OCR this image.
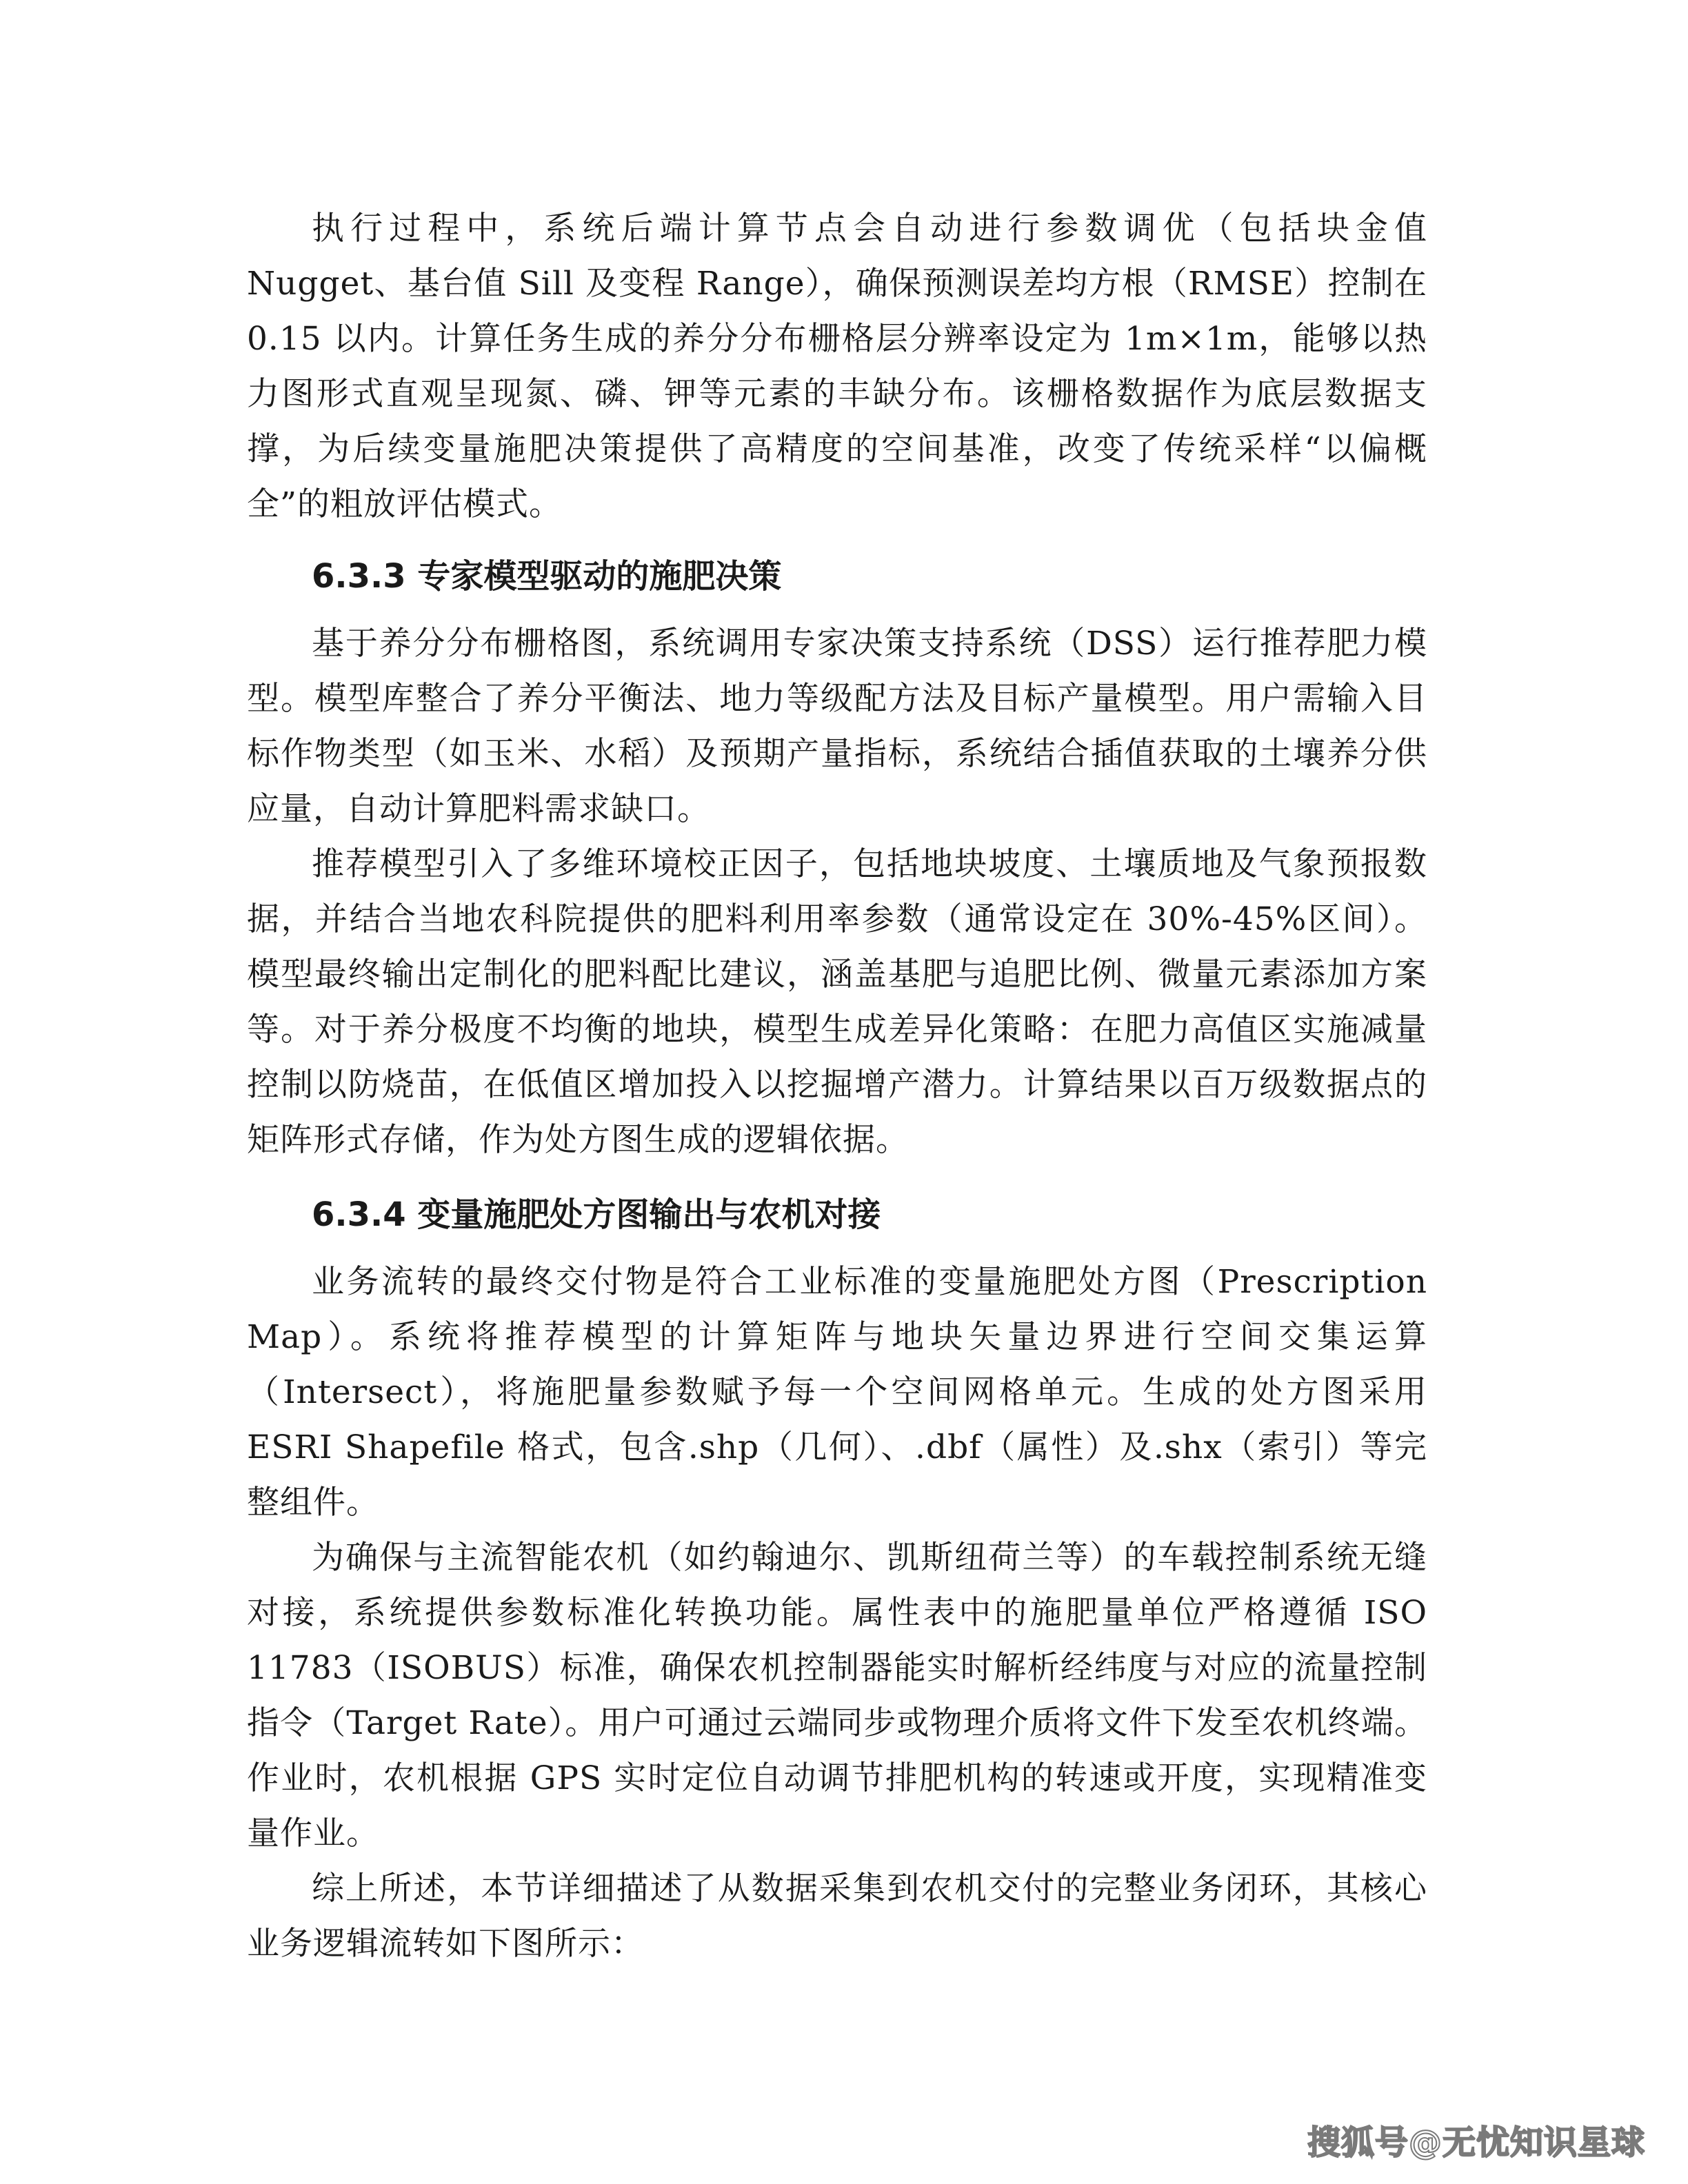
执行过程中，系统后端计算节点会自动进行参数调优（包括块金值 Nugget、基台值 Sill 及变程 Range），确保预测误差均方根（RMSE）控制在 0.15 以内。计算任务生成的养分分布栅格层分辨率设定为 1m×1m，能够以热力图形式直观呈现氮、磷、钾等元素的丰缺分布。该栅格数据作为底层数据支撑，为后续变量施肥决策提供了高精度的空间基准，改变了传统采样“以偏概全”的粗放评估模式。

6.3.3 专家模型驱动的施肥决策

基于养分分布栅格图，系统调用专家决策支持系统（DSS）运行推荐肥力模型。模型库整合了养分平衡法、地力等级配方法及目标产量模型。用户需输入目标作物类型（如玉米、水稻）及预期产量指标，系统结合插值获取的土壤养分供应量，自动计算肥料需求缺口。

推荐模型引入了多维环境校正因子，包括地块坡度、土壤质地及气象预报数据，并结合当地农科院提供的肥料利用率参数（通常设定在 30%-45%区间）。模型最终输出定制化的肥料配比建议，涵盖基肥与追肥比例、微量元素添加方案等。对于养分极度不均衡的地块，模型生成差异化策略：在肥力高值区实施减量控制以防烧苗，在低值区增加投入以挖掘增产潜力。计算结果以百万级数据点的矩阵形式存储，作为处方图生成的逻辑依据。

6.3.4 变量施肥处方图输出与农机对接

业务流转的最终交付物是符合工业标准的变量施肥处方图（Prescription Map）。系统将推荐模型的计算矩阵与地块矢量边界进行空间交集运算（Intersect），将施肥量参数赋予每一个空间网格单元。生成的处方图采用 ESRI Shapefile 格式，包含.shp（几何）、.dbf（属性）及.shx（索引）等完整组件。

为确保与主流智能农机（如约翰迪尔、凯斯纽荷兰等）的车载控制系统无缝对接，系统提供参数标准化转换功能。属性表中的施肥量单位严格遵循 ISO 11783（ISOBUS）标准，确保农机控制器能实时解析经纬度与对应的流量控制指令（Target Rate）。用户可通过云端同步或物理介质将文件下发至农机终端。作业时，农机根据 GPS 实时定位自动调节排肥机构的转速或开度，实现精准变量作业。

综上所述，本节详细描述了从数据采集到农机交付的完整业务闭环，其核心业务逻辑流转如下图所示：

搜狐号@无忧知识星球
